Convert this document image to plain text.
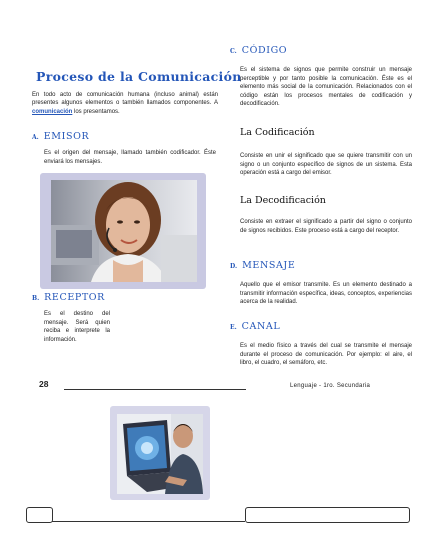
Proceso de la Comunicación
En todo acto de comunicación humana (incluso animal) están presentes algunos elementos o también llamados componentes. A comunicación los presentamos.
A. EMISOR
Es el origen del mensaje, llamado también codificador. Éste enviará los mensajes.
B. RECEPTOR
Es el destino del mensaje. Será quien reciba e interprete la información.
C. CÓDIGO
Es el sistema de signos que permite construir un mensaje perceptible y por tanto posible la comunicación. Éste es el elemento más social de la comunicación. Relacionados con el código están los procesos mentales de codificación y decodificación.
La Codificación
Consiste en unir el significado que se quiere transmitir con un signo o un conjunto específico de signos de un sistema. Esta operación está a cargo del emisor.
La Decodificación
Consiste en extraer el significado a partir del signo o conjunto de signos recibidos. Este proceso está a cargo del receptor.
D. MENSAJE
Aquello que el emisor transmite. Es un elemento destinado a transmitir información específica, ideas, conceptos, experiencias acerca de la realidad.
E. CANAL
Es el medio físico a través del cual se transmite el mensaje durante el proceso de comunicación. Por ejemplo: el aire, el libro, el cuadro, el semáforo, etc.
28	Lenguaje - 1ro. Secundaria
